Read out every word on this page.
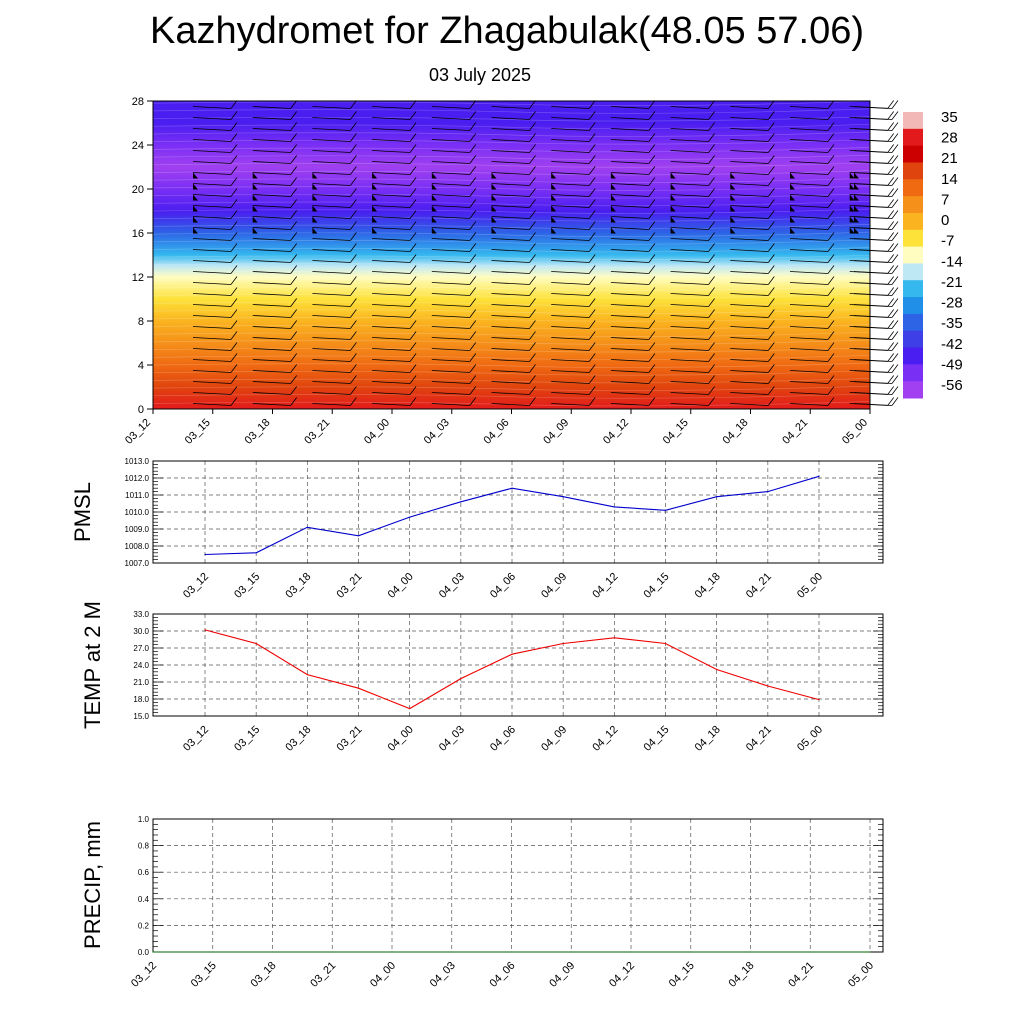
Kazhydromet for Zhagabulak(48.05 57.06)
03 July 2025
0
4
8
12
16
20
24
28
03_12	03_15	03_18	03_21	04_00	04_03	04_06	04_09	04_12	04_15	04_18	04_21	05_00
35
28
21
14
7
0
-7
-14
-21
-28
-35
-42
-49
-56
1007.0
1008.0
1009.0
1010.0
1011.0
1012.0
1013.0
03_12 03_15 03_18 03_21 04_00 04_03 04_06 04_09 04_12 04_15 04_18 04_21 05_00
PMSL
15.0
18.0
21.0
24.0
27.0
30.0
33.0
03_12 03_15 03_18 03_21 04_00 04_03 04_06 04_09 04_12 04_15 04_18 04_21 05_00
TEMP at 2 M
0.0
0.2
0.4
0.6
0.8
1.0
03_12	03_15	03_18	03_21	04_00	04_03	04_06	04_09	04_12	04_15	04_18	04_21	05_00
PRECIP, mm
